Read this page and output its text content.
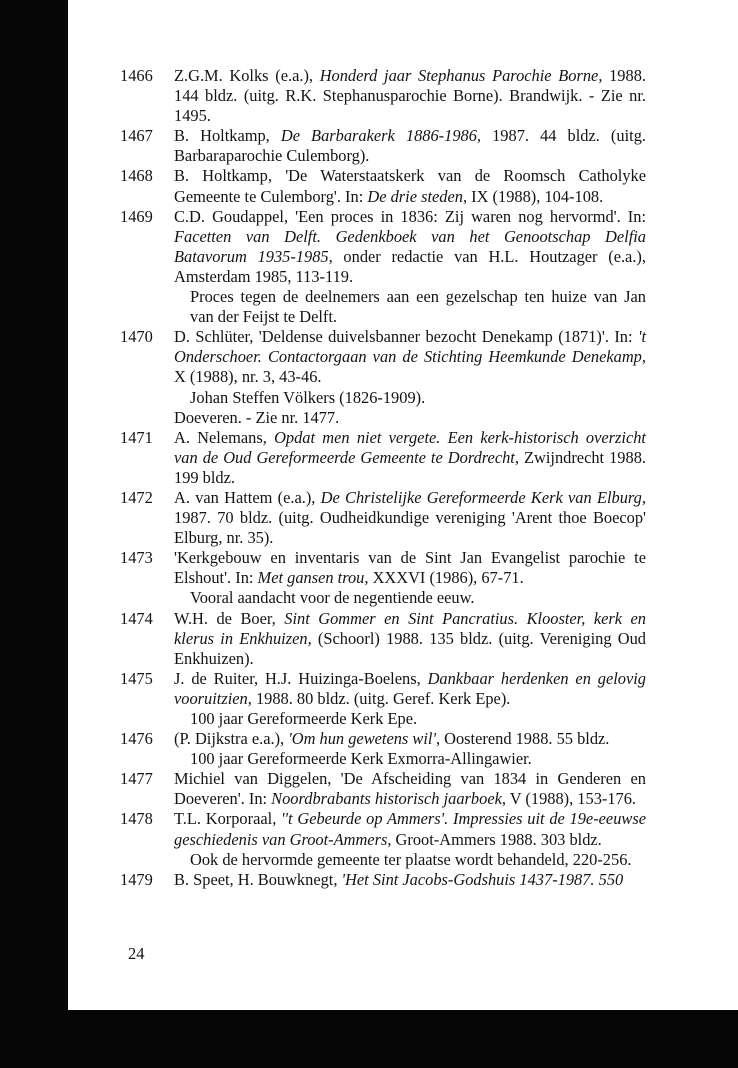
1466	Z.G.M. Kolks (e.a.), Honderd jaar Stephanus Parochie Borne, 1988. 144 bldz. (uitg. R.K. Stephanusparochie Borne). Brandwijk. - Zie nr. 1495.
1467	B. Holtkamp, De Barbarakerk 1886-1986, 1987. 44 bldz. (uitg. Barbaraparochie Culemborg).
1468	B. Holtkamp, 'De Waterstaatskerk van de Roomsch Catholyke Gemeente te Culemborg'. In: De drie steden, IX (1988), 104-108.
1469	C.D. Goudappel, 'Een proces in 1836: Zij waren nog hervormd'. In: Facetten van Delft. Gedenkboek van het Genootschap Delfia Batavorum 1935-1985, onder redactie van H.L. Houtzager (e.a.), Amsterdam 1985, 113-119.
Proces tegen de deelnemers aan een gezelschap ten huize van Jan van der Feijst te Delft.
1470	D. Schlüter, 'Deldense duivelsbanner bezocht Denekamp (1871)'. In: 't Onderschoer. Contactorgaan van de Stichting Heemkunde Denekamp, X (1988), nr. 3, 43-46.
Johan Steffen Völkers (1826-1909).
Doeveren. - Zie nr. 1477.
1471	A. Nelemans, Opdat men niet vergete. Een kerk-historisch overzicht van de Oud Gereformeerde Gemeente te Dordrecht, Zwijndrecht 1988. 199 bldz.
1472	A. van Hattem (e.a.), De Christelijke Gereformeerde Kerk van Elburg, 1987. 70 bldz. (uitg. Oudheidkundige vereniging 'Arent thoe Boecop' Elburg, nr. 35).
1473	'Kerkgebouw en inventaris van de Sint Jan Evangelist parochie te Elshout'. In: Met gansen trou, XXXVI (1986), 67-71.
Vooral aandacht voor de negentiende eeuw.
1474	W.H. de Boer, Sint Gommer en Sint Pancratius. Klooster, kerk en klerus in Enkhuizen, (Schoorl) 1988. 135 bldz. (uitg. Vereniging Oud Enkhuizen).
1475	J. de Ruiter, H.J. Huizinga-Boelens, Dankbaar herdenken en gelovig vooruitzien, 1988. 80 bldz. (uitg. Geref. Kerk Epe).
100 jaar Gereformeerde Kerk Epe.
1476	(P. Dijkstra e.a.), 'Om hun gewetens wil', Oosterend 1988. 55 bldz.
100 jaar Gereformeerde Kerk Exmorra-Allingawier.
1477	Michiel van Diggelen, 'De Afscheiding van 1834 in Genderen en Doeveren'. In: Noordbrabants historisch jaarboek, V (1988), 153-176.
1478	T.L. Korporaal, ''t Gebeurde op Ammers'. Impressies uit de 19e-eeuwse geschiedenis van Groot-Ammers, Groot-Ammers 1988. 303 bldz.
Ook de hervormde gemeente ter plaatse wordt behandeld, 220-256.
1479	B. Speet, H. Bouwknegt, 'Het Sint Jacobs-Godshuis 1437-1987. 550
24
